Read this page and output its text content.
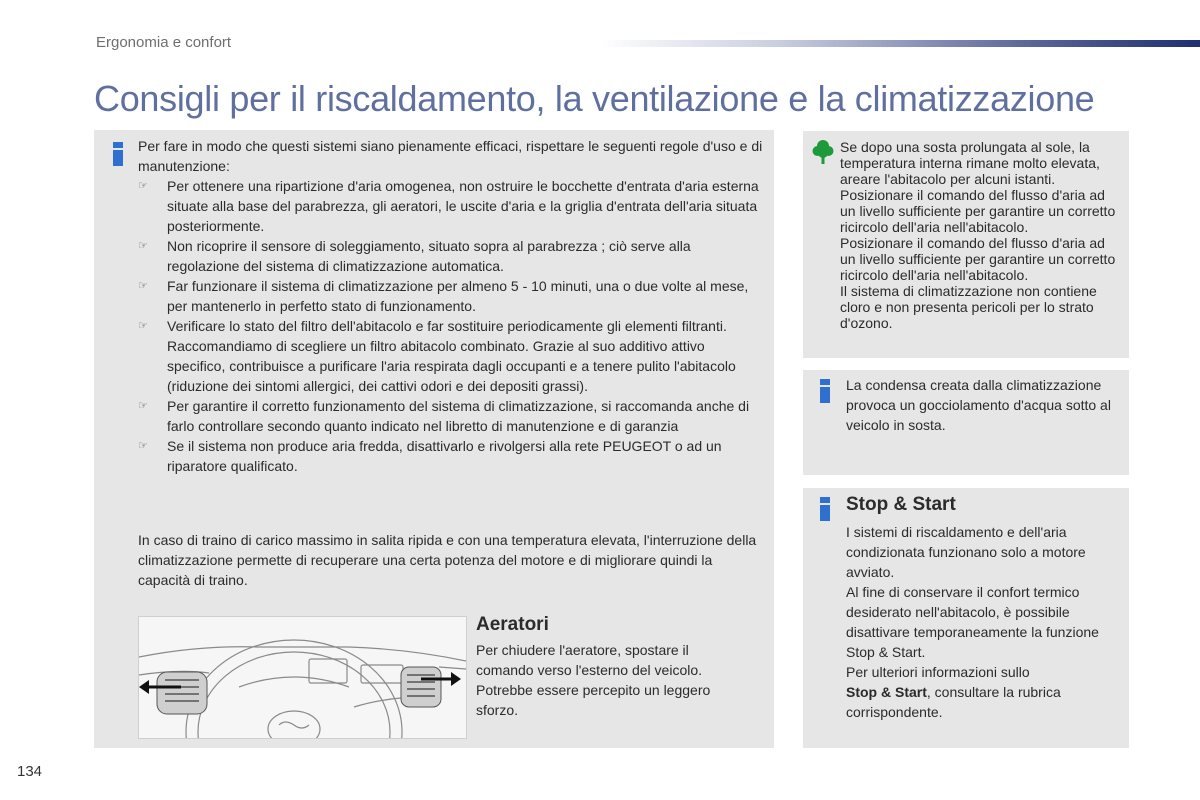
Ergonomia e confort
Consigli per il riscaldamento, la ventilazione e la climatizzazione

Per fare in modo che questi sistemi siano pienamente efficaci, rispettare le seguenti regole d'uso e di manutenzione:

☞ Per ottenere una ripartizione d'aria omogenea, non ostruire le bocchette d'entrata d'aria esterna situate alla base del parabrezza, gli aeratori, le uscite d'aria e la griglia d'entrata dell'aria situata posteriormente.
☞ Non ricoprire il sensore di soleggiamento, situato sopra al parabrezza ; ciò serve alla regolazione del sistema di climatizzazione automatica.
☞ Far funzionare il sistema di climatizzazione per almeno 5 - 10 minuti, una o due volte al mese, per mantenerlo in perfetto stato di funzionamento.
☞ Verificare lo stato del filtro dell'abitacolo e far sostituire periodicamente gli elementi filtranti.
Raccomandiamo di scegliere un filtro abitacolo combinato. Grazie al suo additivo attivo specifico, contribuisce a purificare l'aria respirata dagli occupanti e a tenere pulito l'abitacolo (riduzione dei sintomi allergici, dei cattivi odori e dei depositi grassi).
☞ Per garantire il corretto funzionamento del sistema di climatizzazione, si raccomanda anche di farlo controllare secondo quanto indicato nel libretto di manutenzione e di garanzia
☞ Se il sistema non produce aria fredda, disattivarlo e rivolgersi alla rete PEUGEOT o ad un riparatore qualificato.

In caso di traino di carico massimo in salita ripida e con una temperatura elevata, l'interruzione della climatizzazione permette di recuperare una certa potenza del motore e di migliorare quindi la capacità di traino.

Aeratori

Per chiudere l'aeratore, spostare il comando verso l'esterno del veicolo. Potrebbe essere percepito un leggero sforzo.

Se dopo una sosta prolungata al sole, la temperatura interna rimane molto elevata, areare l'abitacolo per alcuni istanti. Posizionare il comando del flusso d'aria ad un livello sufficiente per garantire un corretto ricircolo dell'aria nell'abitacolo.
Posizionare il comando del flusso d'aria ad un livello sufficiente per garantire un corretto ricircolo dell'aria nell'abitacolo.
Il sistema di climatizzazione non contiene cloro e non presenta pericoli per lo strato d'ozono.

La condensa creata dalla climatizzazione provoca un gocciolamento d'acqua sotto al veicolo in sosta.

Stop & Start
I sistemi di riscaldamento e dell'aria condizionata funzionano solo a motore avviato.
Al fine di conservare il confort termico desiderato nell'abitacolo, è possibile disattivare temporaneamente la funzione Stop & Start.
Per ulteriori informazioni sullo
Stop & Start, consultare la rubrica corrispondente.
134
